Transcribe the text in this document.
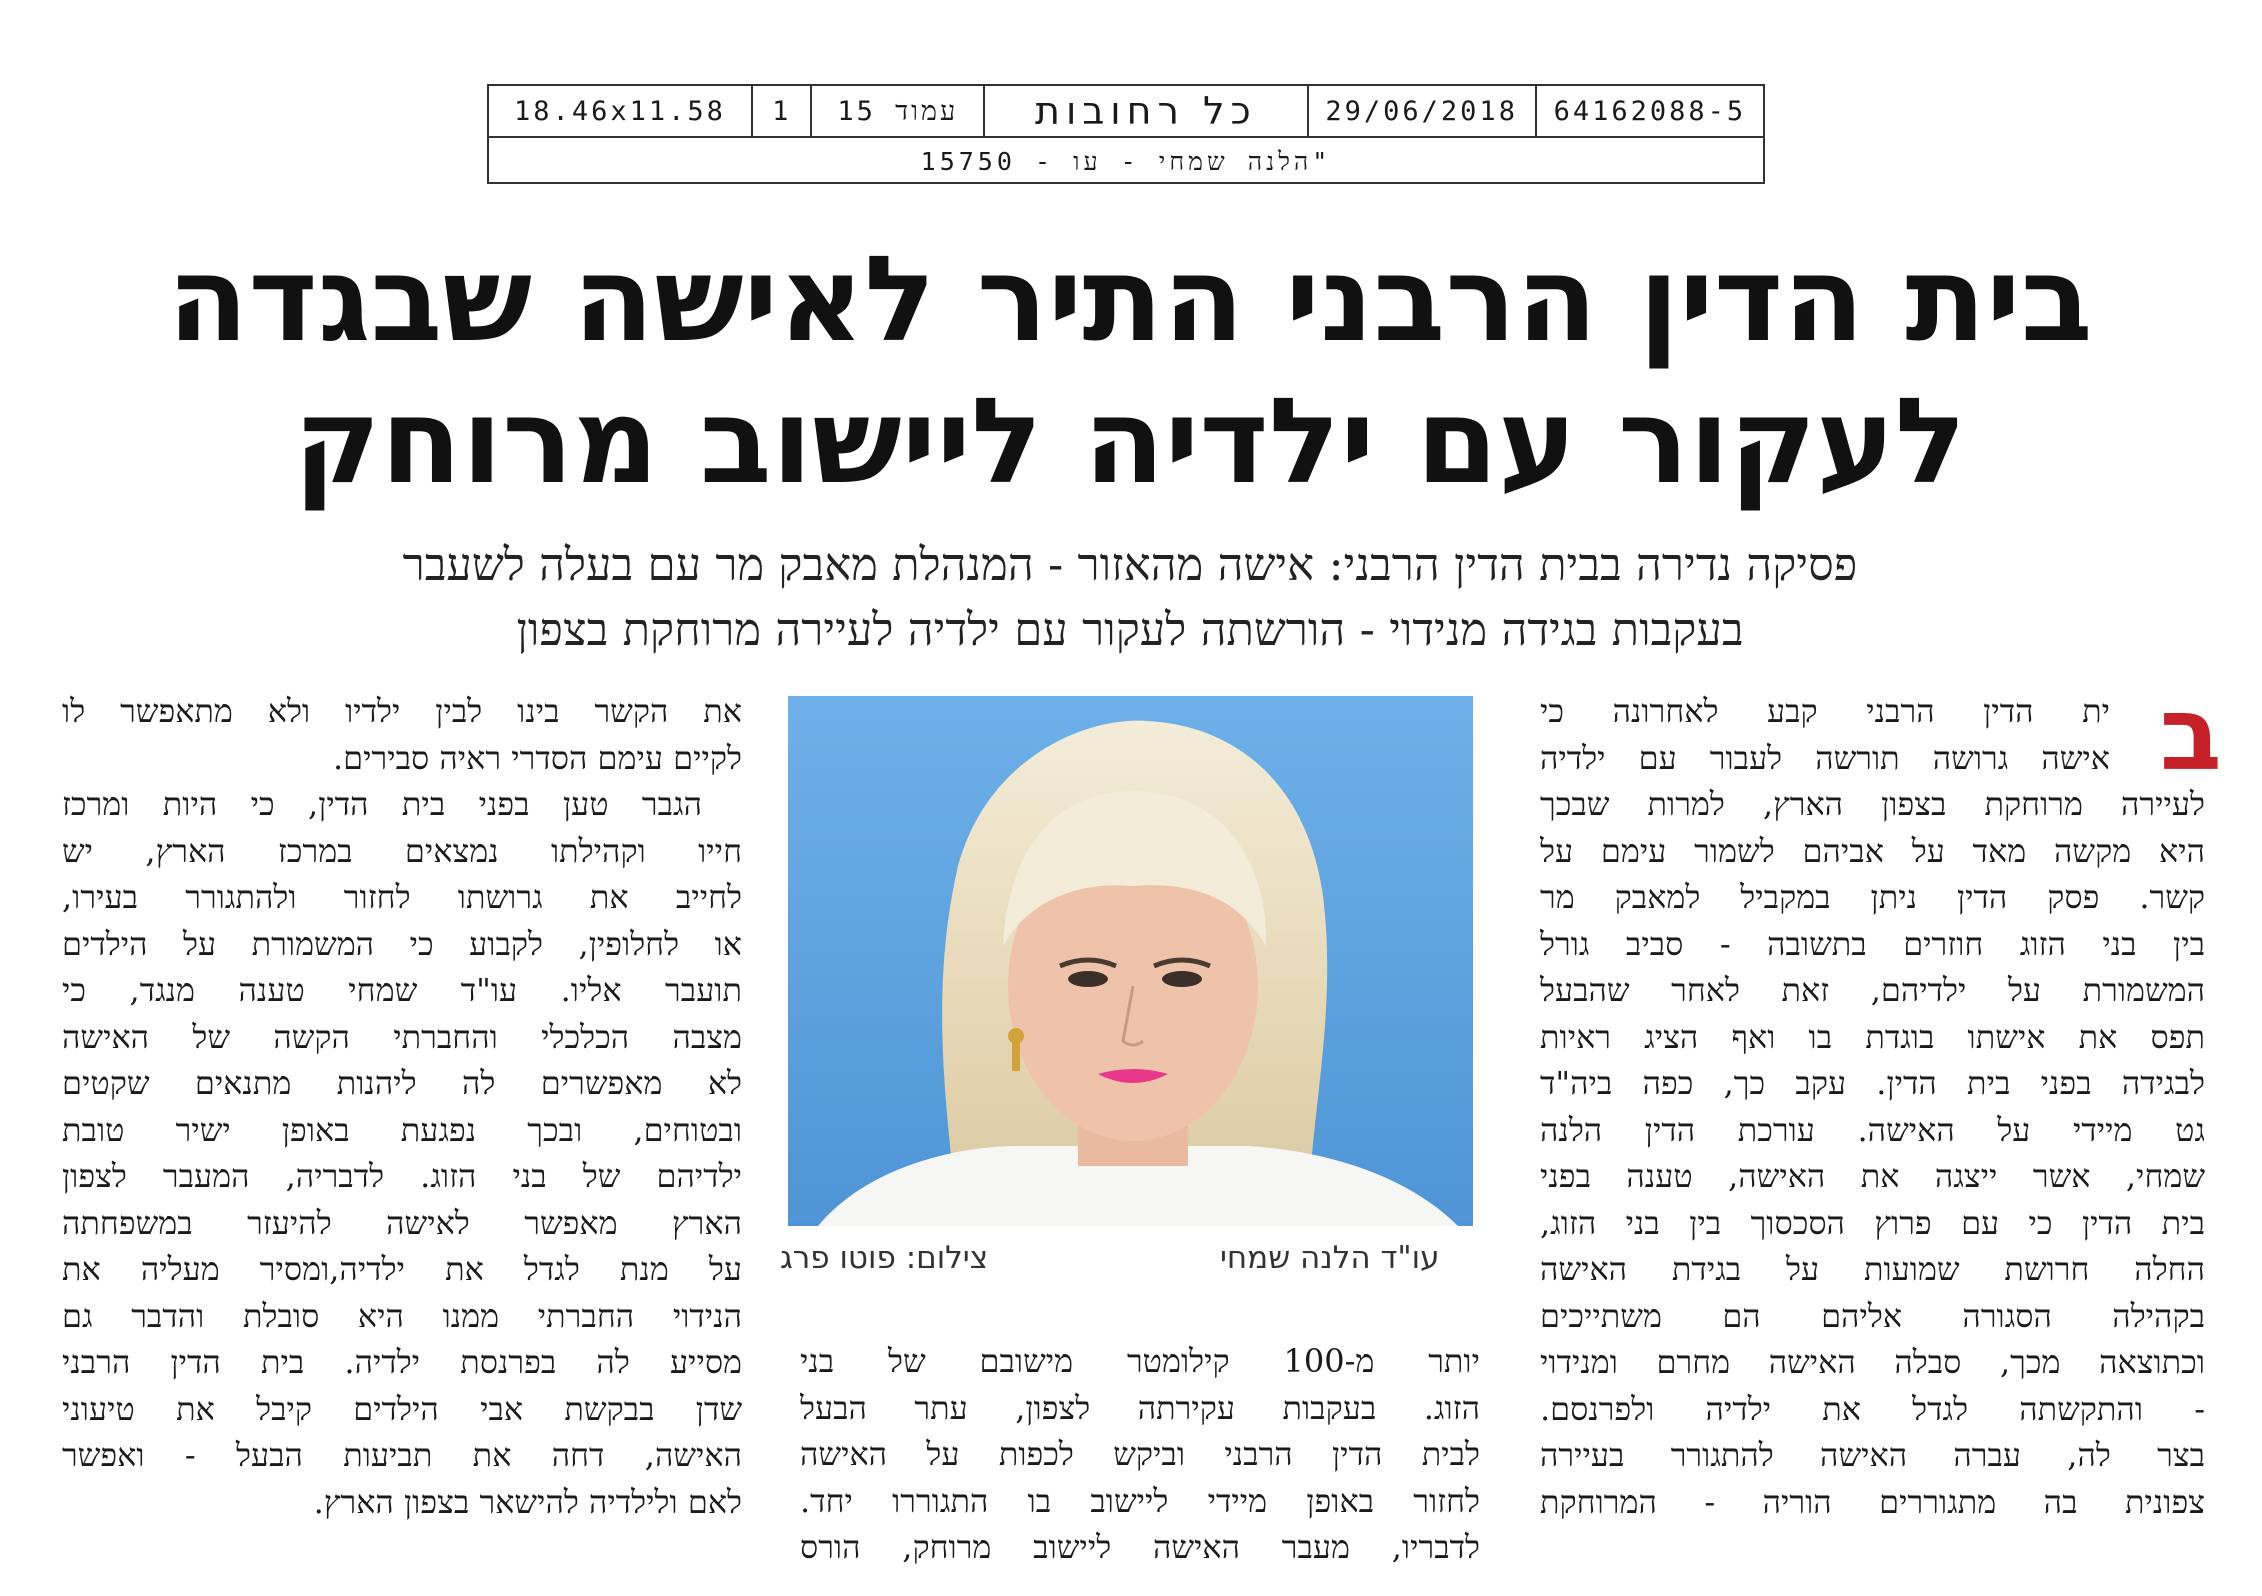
18.46x11.58	1	עמוד 15	כל רחובות	29/06/2018	64162088-5
"הלנה שמחי - עו - 15750
בית הדין הרבני התיר לאישה שבגדה
לעקור עם ילדיה ליישוב מרוחק
פסיקה נדירה בבית הדין הרבני: אישה מהאזור - המנהלת מאבק מר עם בעלה לשעבר
בעקבות בגידה מנידוי - הורשתה לעקור עם ילדיה לעיירה מרוחקת בצפון
ב
ית הדין הרבני קבע לאחרונה כי
אישה גרושה תורשה לעבור עם ילדיה
לעיירה מרוחקת בצפון הארץ, למרות שבכך
היא מקשה מאד על אביהם לשמור עימם על
קשר. פסק הדין ניתן במקביל למאבק מר
בין בני הזוג חוזרים בתשובה - סביב גורל
המשמורת על ילדיהם, זאת לאחר שהבעל
תפס את אישתו בוגדת בו ואף הציג ראיות
לבגידה בפני בית הדין. עקב כך, כפה ביה"ד
גט מיידי על האישה. עורכת הדין הלנה
שמחי, אשר ייצגה את האישה, טענה בפני
בית הדין כי עם פרוץ הסכסוך בין בני הזוג,
החלה חרושת שמועות על בגידת האישה
בקהילה הסגורה אליהם הם משתייכים
וכתוצאה מכך, סבלה האישה מחרם ומנידוי
- והתקשתה לגדל את ילדיה ולפרנסם.
בצר לה, עברה האישה להתגורר בעיירה
צפונית בה מתגוררים הוריה - המרוחקת
צילום: פוטו פרג	עו"ד הלנה שמחי
יותר מ-100 קילומטר מישובם של בני
הזוג. בעקבות עקירתה לצפון, עתר הבעל
לבית הדין הרבני וביקש לכפות על האישה
לחזור באופן מיידי ליישוב בו התגוררו יחד.
לדבריו, מעבר האישה ליישוב מרוחק, הורס
את הקשר בינו לבין ילדיו ולא מתאפשר לו
לקיים עימם הסדרי ראיה סבירים.
הגבר טען בפני בית הדין, כי היות ומרכז
חייו וקהילתו נמצאים במרכז הארץ, יש
לחייב את גרושתו לחזור ולהתגורר בעירו,
או לחלופין, לקבוע כי המשמורת על הילדים
תועבר אליו. עו"ד שמחי טענה מנגד, כי
מצבה הכלכלי והחברתי הקשה של האישה
לא מאפשרים לה ליהנות מתנאים שקטים
ובטוחים, ובכך נפגעת באופן ישיר טובת
ילדיהם של בני הזוג. לדבריה, המעבר לצפון
הארץ מאפשר לאישה להיעזר במשפחתה
על מנת לגדל את ילדיה,ומסיר מעליה את
הנידוי החברתי ממנו היא סובלת והדבר גם
מסייע לה בפרנסת ילדיה. בית הדין הרבני
שדן בבקשת אבי הילדים קיבל את טיעוני
האישה, דחה את תביעות הבעל - ואפשר
לאם ולילדיה להישאר בצפון הארץ.
